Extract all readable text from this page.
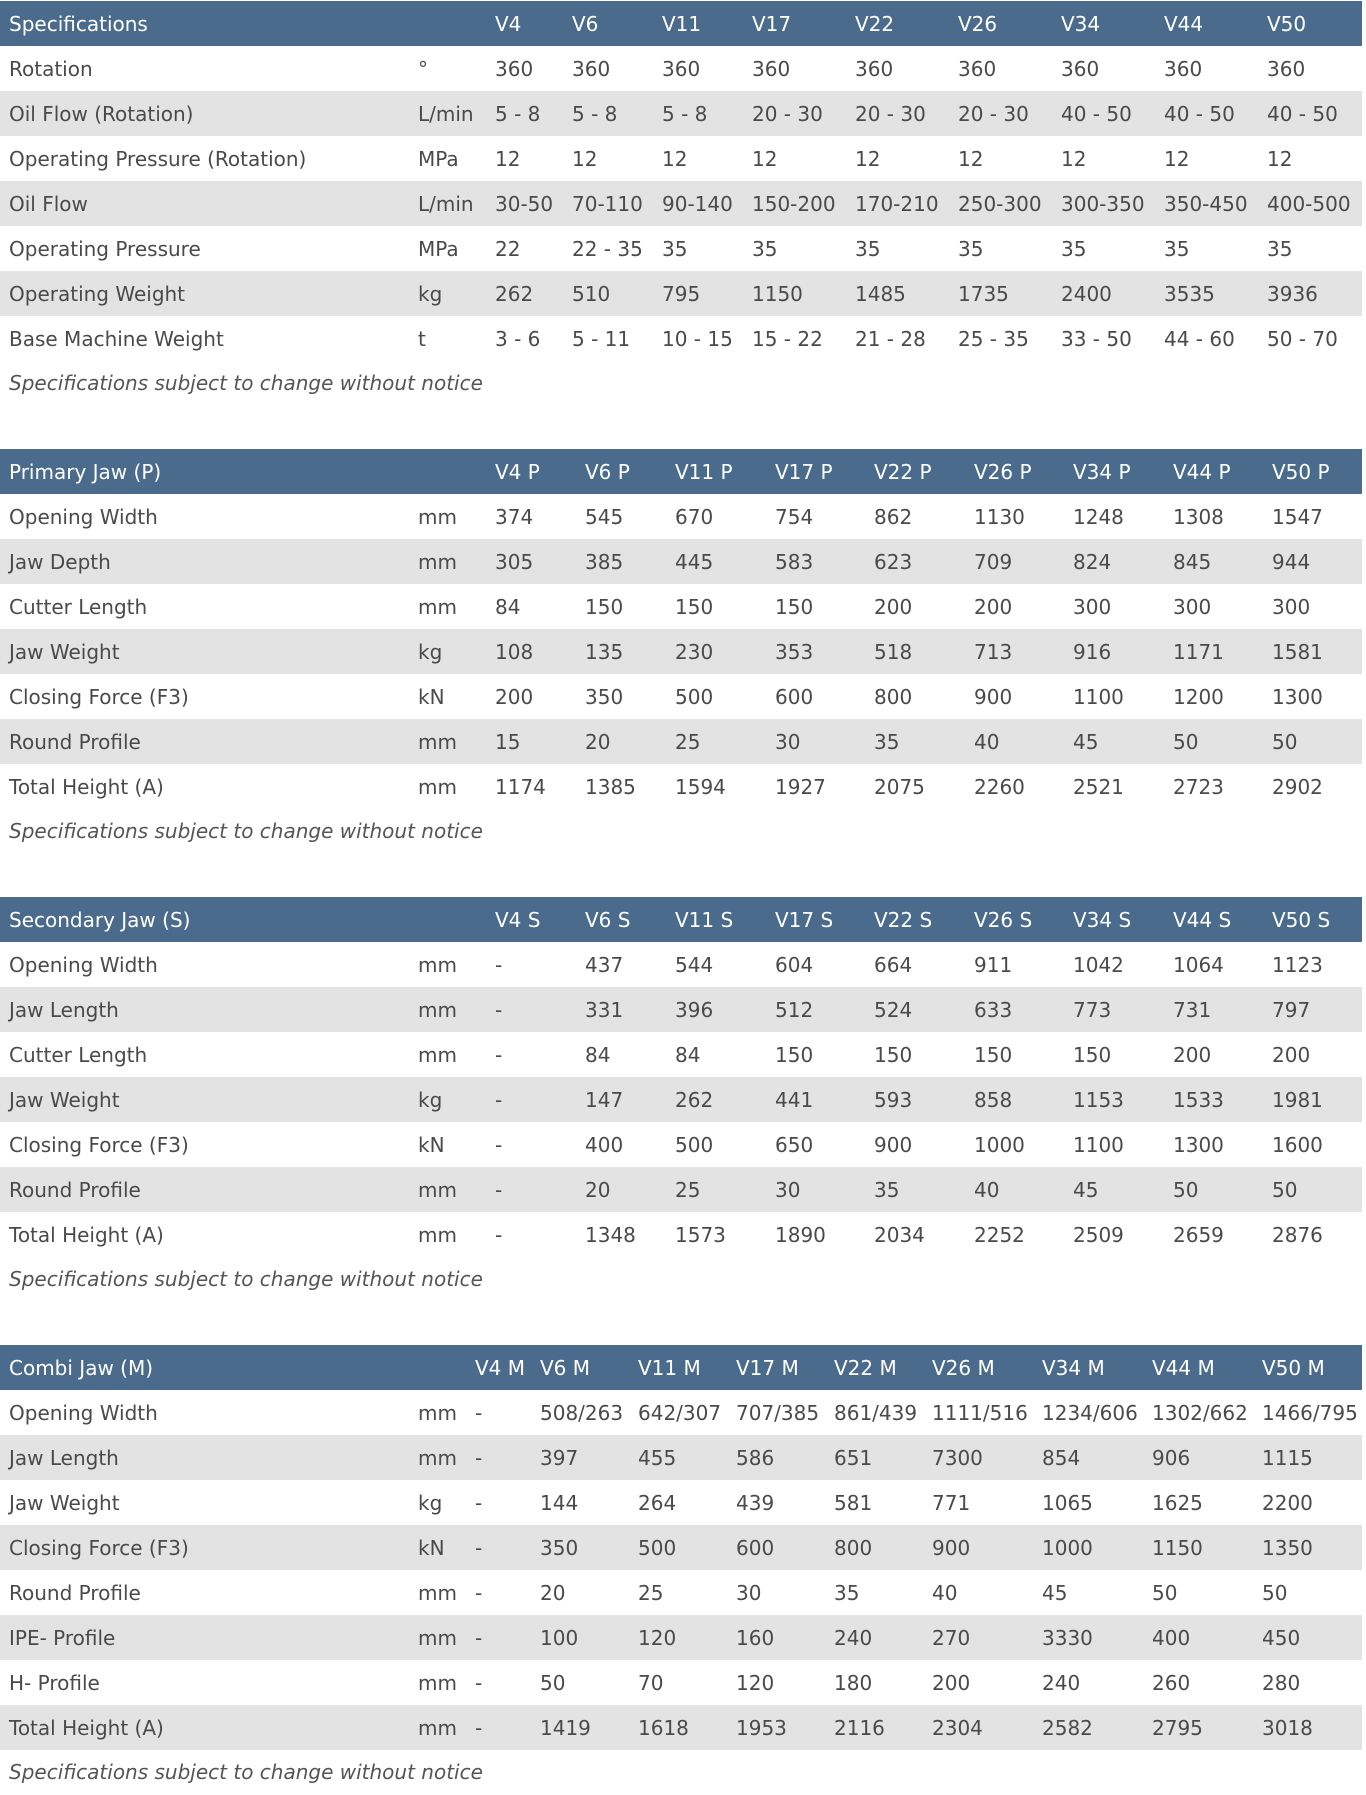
Specifications		V4	V6	V11	V17	V22	V26	V34	V44	V50
Rotation	°	360	360	360	360	360	360	360	360	360
Oil Flow (Rotation)	L/min	5 - 8	5 - 8	5 - 8	20 - 30	20 - 30	20 - 30	40 - 50	40 - 50	40 - 50
Operating Pressure (Rotation)	MPa	12	12	12	12	12	12	12	12	12
Oil Flow	L/min	30-50	70-110	90-140	150-200	170-210	250-300	300-350	350-450	400-500
Operating Pressure	MPa	22	22 - 35	35	35	35	35	35	35	35
Operating Weight	kg	262	510	795	1150	1485	1735	2400	3535	3936
Base Machine Weight	t	3 - 6	5 - 11	10 - 15	15 - 22	21 - 28	25 - 35	33 - 50	44 - 60	50 - 70
Specifications subject to change without notice
Primary Jaw (P)		V4 P	V6 P	V11 P	V17 P	V22 P	V26 P	V34 P	V44 P	V50 P
Opening Width	mm	374	545	670	754	862	1130	1248	1308	1547
Jaw Depth	mm	305	385	445	583	623	709	824	845	944
Cutter Length	mm	84	150	150	150	200	200	300	300	300
Jaw Weight	kg	108	135	230	353	518	713	916	1171	1581
Closing Force (F3)	kN	200	350	500	600	800	900	1100	1200	1300
Round Profile	mm	15	20	25	30	35	40	45	50	50
Total Height (A)	mm	1174	1385	1594	1927	2075	2260	2521	2723	2902
Specifications subject to change without notice
Secondary Jaw (S)		V4 S	V6 S	V11 S	V17 S	V22 S	V26 S	V34 S	V44 S	V50 S
Opening Width	mm	-	437	544	604	664	911	1042	1064	1123
Jaw Length	mm	-	331	396	512	524	633	773	731	797
Cutter Length	mm	-	84	84	150	150	150	150	200	200
Jaw Weight	kg	-	147	262	441	593	858	1153	1533	1981
Closing Force (F3)	kN	-	400	500	650	900	1000	1100	1300	1600
Round Profile	mm	-	20	25	30	35	40	45	50	50
Total Height (A)	mm	-	1348	1573	1890	2034	2252	2509	2659	2876
Specifications subject to change without notice
Combi Jaw (M)		V4 M	V6 M	V11 M	V17 M	V22 M	V26 M	V34 M	V44 M	V50 M
Opening Width	mm	-	508/263	642/307	707/385	861/439	1111/516	1234/606	1302/662	1466/795
Jaw Length	mm	-	397	455	586	651	7300	854	906	1115
Jaw Weight	kg	-	144	264	439	581	771	1065	1625	2200
Closing Force (F3)	kN	-	350	500	600	800	900	1000	1150	1350
Round Profile	mm	-	20	25	30	35	40	45	50	50
IPE- Profile	mm	-	100	120	160	240	270	3330	400	450
H- Profile	mm	-	50	70	120	180	200	240	260	280
Total Height (A)	mm	-	1419	1618	1953	2116	2304	2582	2795	3018
Specifications subject to change without notice
